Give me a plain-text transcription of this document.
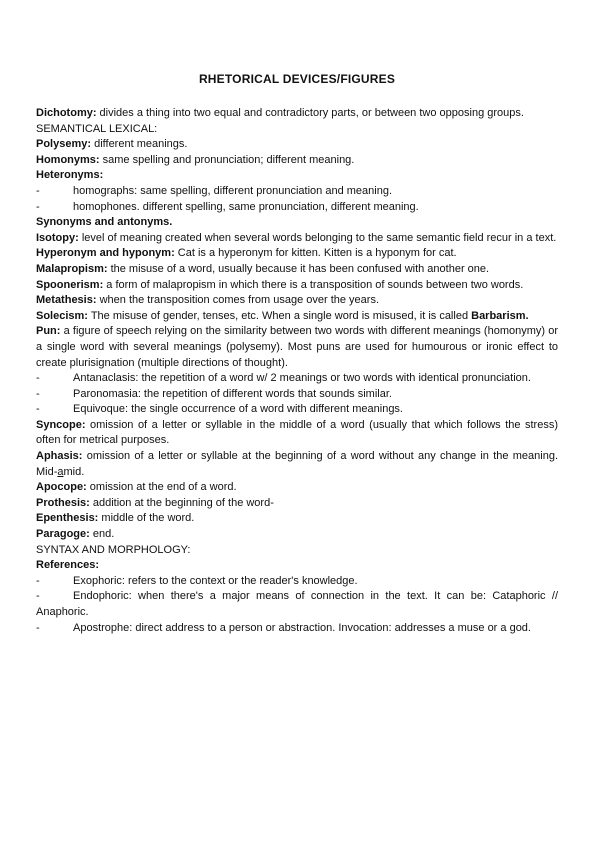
RHETORICAL DEVICES/FIGURES

Dichotomy: divides a thing into two equal and contradictory parts, or between two opposing groups.

SEMANTICAL LEXICAL:

Polysemy: different meanings.

Homonyms: same spelling and pronunciation; different meaning.

Heteronyms:

-	homographs: same spelling, different pronunciation and meaning.

-	homophones. different spelling, same pronunciation, different meaning.

Synonyms and antonyms.

Isotopy: level of meaning created when several words belonging to the same semantic field recur in a text.

Hyperonym and hyponym: Cat is a hyperonym for kitten. Kitten is a hyponym for cat.

Malapropism: the misuse of a word, usually because it has been confused with another one.

Spoonerism: a form of malapropism in which there is a transposition of sounds between two words.

Metathesis: when the transposition comes from usage over the years.

Solecism: The misuse of gender, tenses, etc. When a single word is misused, it is called Barbarism.

Pun: a figure of speech relying on the similarity between two words with different meanings (homonymy) or a single word with several meanings (polysemy). Most puns are used for humourous or ironic effect to create plurisignation (multiple directions of thought).

-	Antanaclasis: the repetition of a word w/ 2 meanings or two words with identical pronunciation.

-	Paronomasia: the repetition of different words that sounds similar.

-	Equivoque: the single occurrence of a word with different meanings.

Syncope: omission of a letter or syllable in the middle of a word (usually that which follows the stress) often for metrical purposes.

Aphasis: omission of a letter or syllable at the beginning of a word without any change in the meaning. Mid-amid.

Apocope: omission at the end of a word.

Prothesis: addition at the beginning of the word-

Epenthesis: middle of the word.

Paragoge: end.

SYNTAX AND MORPHOLOGY:

References:

-	Exophoric: refers to the context or the reader's knowledge.

-	Endophoric: when there's a major means of connection in the text. It can be: Cataphoric // Anaphoric.

-	Apostrophe: direct address to a person or abstraction. Invocation: addresses a muse or a god.
